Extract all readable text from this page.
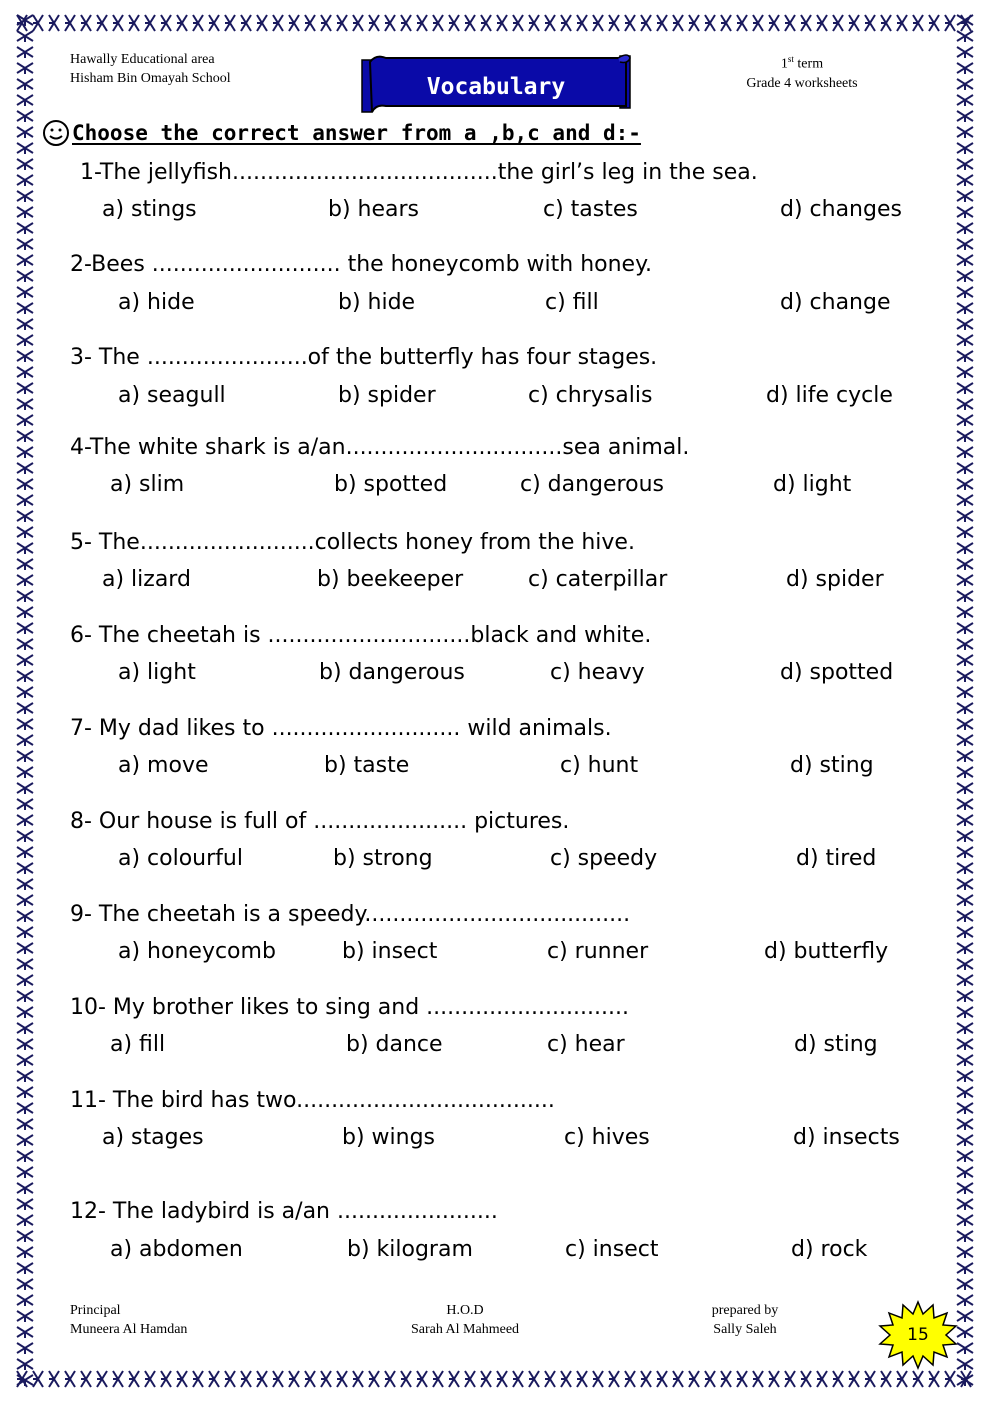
Hawally Educational area
Hisham Bin Omayah School
1st term
Grade 4 worksheets
Vocabulary
Choose the correct answer from a ,b,c and d:-
1-The jellyfish......................................the girl’s leg in the sea.
a) stings	b) hears	c) tastes	d) changes
2-Bees ........................... the honeycomb with honey.
a) hide	b) hide	c) fill	d) change
3- The .......................of the butterfly has four stages.
a) seagull	b) spider	c) chrysalis	d) life cycle
4-The white shark is a/an...............................sea animal.
a) slim	b) spotted	c) dangerous	d) light
5- The.........................collects honey from the hive.
a) lizard	b) beekeeper	c) caterpillar	d) spider
6- The cheetah is .............................black and white.
a) light	b) dangerous	c) heavy	d) spotted
7- My dad likes to ........................... wild animals.
a) move	b) taste	c) hunt	d) sting
8- Our house is full of ...................... pictures.
a) colourful	b) strong	c) speedy	d) tired
9- The cheetah is a speedy......................................
a) honeycomb	b) insect	c) runner	d) butterfly
10- My brother likes to sing and .............................
a) fill	b) dance	c) hear	d) sting
11- The bird has two.....................................
a) stages	b) wings	c) hives	d) insects
12- The ladybird is a/an .......................
a) abdomen	b) kilogram	c) insect	d) rock
Principal
Muneera Al Hamdan
H.O.D
Sarah Al Mahmeed
prepared by
Sally Saleh	15
